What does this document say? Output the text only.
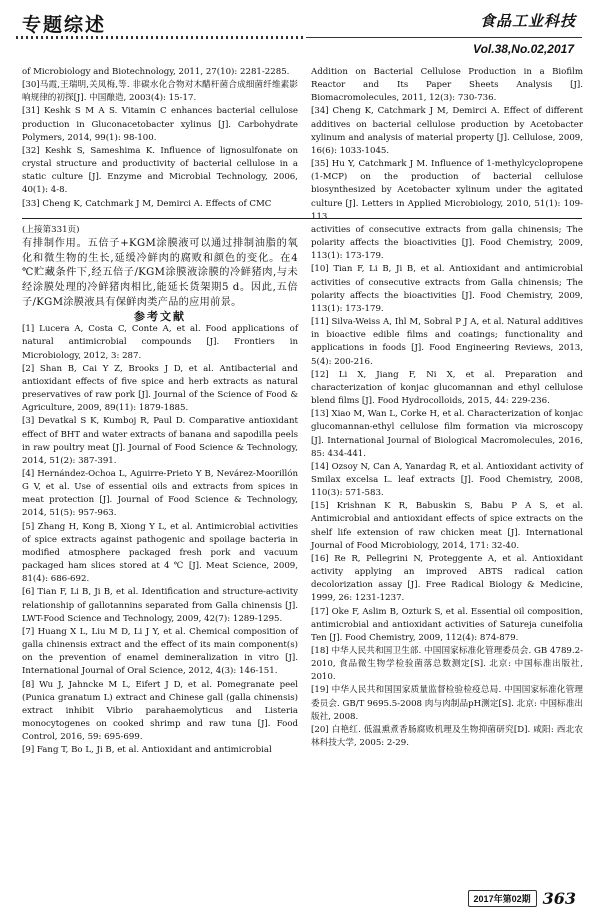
专题综述	食品工业科技
Vol.38,No.02,2017

of Microbiology and Biotechnology, 2011, 27(10): 2281-2285.

[30]马霞,王瑞明,关凤梅,等. 非碳水化合物对木醋杆菌合成细菌纤维素影响规律的初探[J]. 中国酿造, 2003(4): 15-17.

[31] Keshk S M A S. Vitamin C enhances bacterial cellulose production in Gluconacetobacter xylinus [J]. Carbohydrate Polymers, 2014, 99(1): 98-100.

[32] Keshk S, Sameshima K. Influence of lignosulfonate on crystal structure and productivity of bacterial cellulose in a static culture [J]. Enzyme and Microbial Technology, 2006, 40(1): 4-8.

[33] Cheng K, Catchmark J M, Demirci A. Effects of CMC

Addition on Bacterial Cellulose Production in a Biofilm Reactor and Its Paper Sheets Analysis [J]. Biomacromolecules, 2011, 12(3): 730-736.

[34] Cheng K, Catchmark J M, Demirci A. Effect of different additives on bacterial cellulose production by Acetobacter xylinum and analysis of material property [J]. Cellulose, 2009, 16(6): 1033-1045.

[35] Hu Y, Catchmark J M. Influence of 1-methylcyclopropene (1-MCP) on the production of bacterial cellulose biosynthesized by Acetobacter xylinum under the agitated culture [J]. Letters in Applied Microbiology, 2010, 51(1): 109-113.

(上接第331页)

有排制作用。五倍子+KGM涂膜液可以通过排制油脂的氧化和微生物的生长,延缓冷鲜肉的腐败和颜色的变化。在4 ℃贮藏条件下,经五倍子/KGM涂膜液涂膜的冷鲜猪肉,与未经涂膜处理的冷鲜猪肉相比,能延长货架期5 d。因此,五倍子/KGM涂膜液具有保鲜肉类产品的应用前景。

参考文献

[1] Lucera A, Costa C, Conte A, et al. Food applications of natural antimicrobial compounds [J]. Frontiers in Microbiology, 2012, 3: 287.

[2] Shan B, Cai Y Z, Brooks J D, et al. Antibacterial and antioxidant effects of five spice and herb extracts as natural preservatives of raw pork [J]. Journal of the Science of Food & Agriculture, 2009, 89(11): 1879-1885.

[3] Devatkal S K, Kumboj R, Paul D. Comparative antioxidant effect of BHT and water extracts of banana and sapodilla peels in raw poultry meat [J]. Journal of Food Science & Technology, 2014, 51(2): 387-391.

[4] Hernández-Ochoa L, Aguirre-Prieto Y B, Nevárez-Moorillón G V, et al. Use of essential oils and extracts from spices in meat protection [J]. Journal of Food Science & Technology, 2014, 51(5): 957-963.

[5] Zhang H, Kong B, Xiong Y L, et al. Antimicrobial activities of spice extracts against pathogenic and spoilage bacteria in modified atmosphere packaged fresh pork and vacuum packaged ham slices stored at 4 ℃ [J]. Meat Science, 2009, 81(4): 686-692.

[6] Tian F, Li B, Ji B, et al. Identification and structure-activity relationship of gallotannins separated from Galla chinensis [J]. LWT-Food Science and Technology, 2009, 42(7): 1289-1295.

[7] Huang X L, Liu M D, Li J Y, et al. Chemical composition of galla chinensis extract and the effect of its main component(s) on the prevention of enamel demineralization in vitro [J]. International Journal of Oral Science, 2012, 4(3): 146-151.

[8] Wu J, Jahncke M L, Eifert J D, et al. Pomegranate peel (Punica granatum L) extract and Chinese gall (galla chinensis) extract inhibit Vibrio parahaemolyticus and Listeria monocytogenes on cooked shrimp and raw tuna [J]. Food Control, 2016, 59: 695-699.

[9] Fang T, Bo L, Ji B, et al. Antioxidant and antimicrobial

activities of consecutive extracts from galla chinensis; The polarity affects the bioactivities [J]. Food Chemistry, 2009, 113(1): 173-179.

[10] Tian F, Li B, Ji B, et al. Antioxidant and antimicrobial activities of consecutive extracts from Galla chinensis; The polarity affects the bioactivities [J]. Food Chemistry, 2009, 113(1): 173-179.

[11] Silva-Weiss A, Ihl M, Sobral P J A, et al. Natural additives in bioactive edible films and coatings; functionality and applications in foods [J]. Food Engineering Reviews, 2013, 5(4): 200-216.

[12] Li X, Jiang F, Ni X, et al. Preparation and characterization of konjac glucomannan and ethyl cellulose blend films [J]. Food Hydrocolloids, 2015, 44: 229-236.

[13] Xiao M, Wan L, Corke H, et al. Characterization of konjac glucomannan-ethyl cellulose film formation via microscopy [J]. International Journal of Biological Macromolecules, 2016, 85: 434-441.

[14] Ozsoy N, Can A, Yanardag R, et al. Antioxidant activity of Smilax excelsa L. leaf extracts [J]. Food Chemistry, 2008, 110(3): 571-583.

[15] Krishnan K R, Babuskin S, Babu P A S, et al. Antimicrobial and antioxidant effects of spice extracts on the shelf life extension of raw chicken meat [J]. International Journal of Food Microbiology, 2014, 171: 32-40.

[16] Re R, Pellegrini N, Proteggente A, et al. Antioxidant activity applying an improved ABTS radical cation decolorization assay [J]. Free Radical Biology & Medicine, 1999, 26: 1231-1237.

[17] Oke F, Aslim B, Ozturk S, et al. Essential oil composition, antimicrobial and antioxidant activities of Satureja cuneifolia Ten [J]. Food Chemistry, 2009, 112(4): 874-879.

[18] 中华人民共和国卫生部. 中国国家标准化管理委员会. GB 4789.2-2010, 食品微生物学检验菌落总数测定[S]. 北京: 中国标准出版社, 2010.

[19] 中华人民共和国国家质量监督检验检疫总局. 中国国家标准化管理委员会. GB/T 9695.5-2008 肉与肉制品pH测定[S]. 北京: 中国标准出版社, 2008.

[20] 白艳红. 低温熏煮香肠腐败机理及生物抑菌研究[D]. 咸阳: 西北农林科技大学, 2005: 2-29.

2017年第02期 363
